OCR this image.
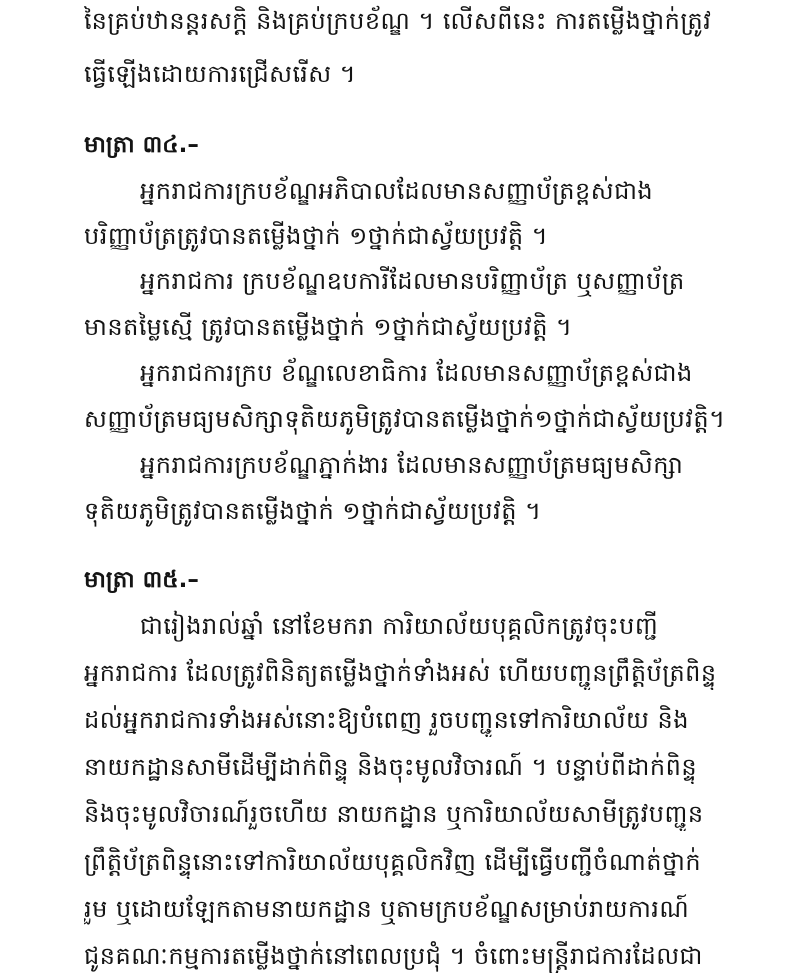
នៃគ្រប់ឋានន្តរសក្តិ និងគ្រប់ក្របខ័ណ្ឌ ។ លើសពីនេះ ការតម្លើងថ្នាក់ត្រូវ
ធ្វើឡើងដោយការជ្រើសរើស ។
មាត្រា ៣៤.–
អ្នករាជការក្របខ័ណ្ឌអភិបាលដែលមានសញ្ញាប័ត្រខ្ពស់ជាង
បរិញ្ញាប័ត្រត្រូវបានតម្លើងថ្នាក់ ១ថ្នាក់ជាស្វ័យប្រវត្តិ ។
អ្នករាជការ ក្របខ័ណ្ឌឧបការីដែលមានបរិញ្ញាប័ត្រ ឬសញ្ញាប័ត្រ
មានតម្លៃស្មើ ត្រូវបានតម្លើងថ្នាក់ ១ថ្នាក់ជាស្វ័យប្រវត្តិ ។
អ្នករាជការក្រប ខ័ណ្ឌលេខាធិការ ដែលមានសញ្ញាប័ត្រខ្ពស់ជាង
សញ្ញាប័ត្រមធ្យមសិក្សាទុតិយភូមិត្រូវបានតម្លើងថ្នាក់១ថ្នាក់ជាស្វ័យប្រវត្តិ។
អ្នករាជការក្របខ័ណ្ឌភ្នាក់ងារ ដែលមានសញ្ញាប័ត្រមធ្យមសិក្សា
ទុតិយភូមិត្រូវបានតម្លើងថ្នាក់ ១ថ្នាក់ជាស្វ័យប្រវត្តិ ។
មាត្រា ៣៥.–
ជារៀងរាល់ឆ្នាំ នៅខែមករា ការិយាល័យបុគ្គលិកត្រូវចុះបញ្ជី
អ្នករាជការ ដែលត្រូវពិនិត្យតម្លើងថ្នាក់ទាំងអស់ ហើយបញ្ជូនព្រឹត្តិប័ត្រពិន្ទុ
ដល់អ្នករាជការទាំងអស់នោះឱ្យបំពេញ រួចបញ្ជូនទៅការិយាល័យ និង
នាយកដ្ឋានសាមីដើម្បីដាក់ពិន្ទុ និងចុះមូលវិចារណ៍ ។ បន្ទាប់ពីដាក់ពិន្ទុ
និងចុះមូលវិចារណ៍រួចហើយ នាយកដ្ឋាន ឬការិយាល័យសាមីត្រូវបញ្ជូន
ព្រឹត្តិប័ត្រពិន្ទុនោះទៅការិយាល័យបុគ្គលិកវិញ ដើម្បីធ្វើបញ្ជីចំណាត់ថ្នាក់
រួម ឬដោយឡែកតាមនាយកដ្ឋាន ឬតាមក្របខ័ណ្ឌសម្រាប់រាយការណ៍
ជូនគណៈកម្មការតម្លើងថ្នាក់នៅពេលប្រជុំ ។ ចំពោះមន្ត្រីរាជការដែលជា
